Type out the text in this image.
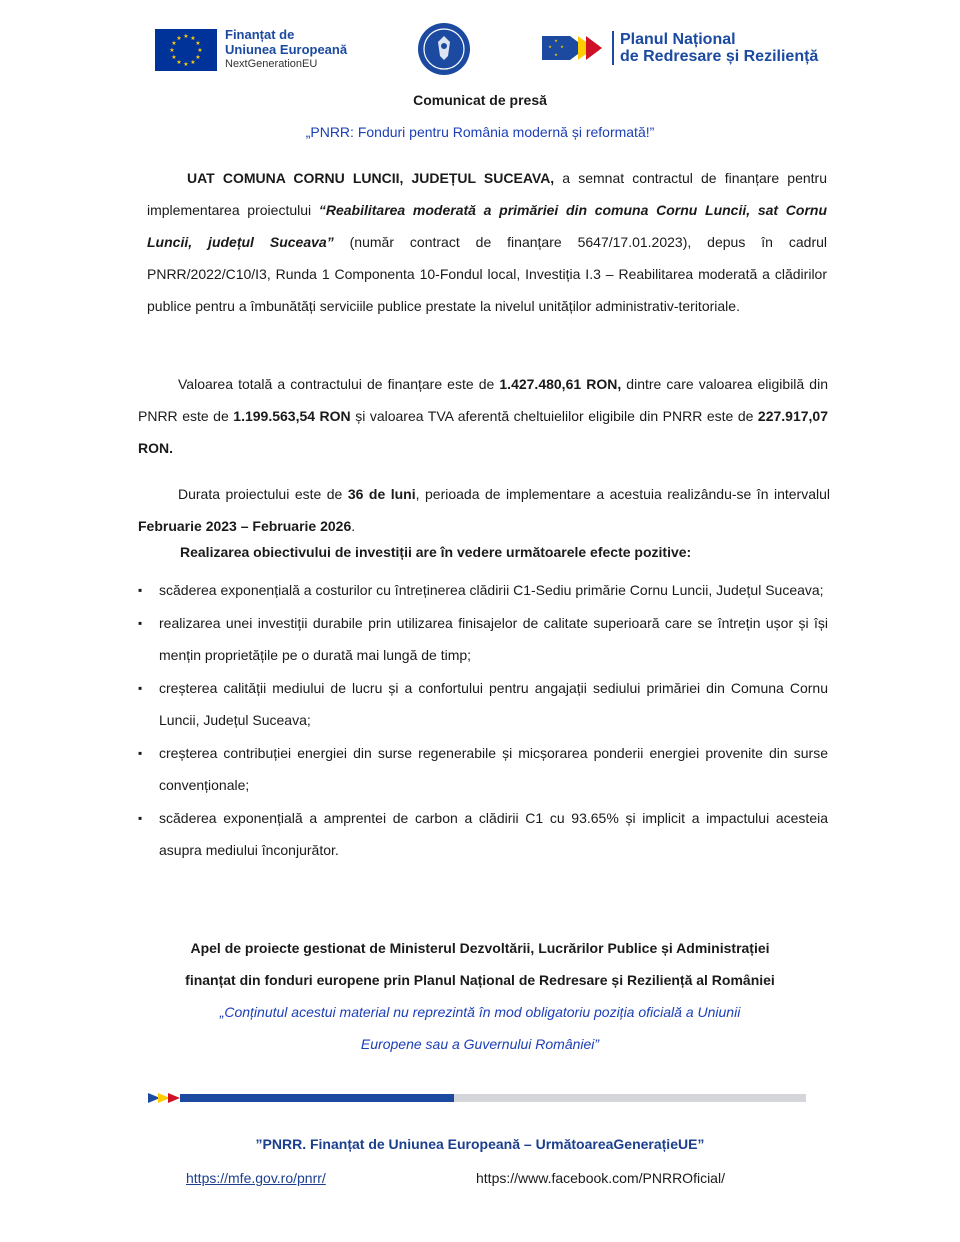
★ ★
★
★
★
★
★
★
★
★
★
★	Finanțat de
Uniunea Europeană
NextGenerationEU
★
★
★
★	Planul Național
de Redresare și Reziliență
Comunicat de presă
„PNRR: Fonduri pentru România modernă și reformată!”
UAT COMUNA CORNU LUNCII, JUDEȚUL SUCEAVA, a semnat contractul de finanțare pentru implementarea proiectului “Reabilitarea moderată a primăriei din comuna Cornu Luncii, sat Cornu Luncii, județul Suceava” (număr contract de finanțare 5647/17.01.2023), depus în cadrul PNRR/2022/C10/I3, Runda 1 Componenta 10-Fondul local, Investiția I.3 – Reabilitarea moderată a clădirilor publice pentru a îmbunătăți serviciile publice prestate la nivelul unităților administrativ-teritoriale.
Valoarea totală a contractului de finanțare este de 1.427.480,61 RON, dintre care valoarea eligibilă din PNRR este de 1.199.563,54 RON și valoarea TVA aferentă cheltuielilor eligibile din PNRR este de 227.917,07 RON.
Durata proiectului este de 36 de luni, perioada de implementare a acestuia realizându-se în intervalul Februarie 2023 – Februarie 2026.
Realizarea obiectivului de investiții are în vedere următoarele efecte pozitive:
▪ scăderea exponențială a costurilor cu întreținerea clădirii C1-Sediu primărie Cornu Luncii, Județul Suceava;
▪ realizarea unei investiții durabile prin utilizarea finisajelor de calitate superioară care se întrețin ușor și își mențin proprietățile pe o durată mai lungă de timp;
▪ creșterea calității mediului de lucru și a confortului pentru angajații sediului primăriei din Comuna Cornu Luncii, Județul Suceava;
▪ creșterea contribuției energiei din surse regenerabile și micșorarea ponderii energiei provenite din surse convenționale;
▪ scăderea exponențială a amprentei de carbon a clădirii C1 cu 93.65% și implicit a impactului acesteia asupra mediului înconjurător.
Apel de proiecte gestionat de Ministerul Dezvoltării, Lucrărilor Publice și Administrației
finanțat din fonduri europene prin Planul Național de Redresare și Reziliență al României
„Conținutul acestui material nu reprezintă în mod obligatoriu poziția oficială a Uniunii
Europene sau a Guvernului României”
”PNRR. Finanțat de Uniunea Europeană – UrmătoareaGenerațieUE”
https://mfe.gov.ro/pnrr/	https://www.facebook.com/PNRROficial/
